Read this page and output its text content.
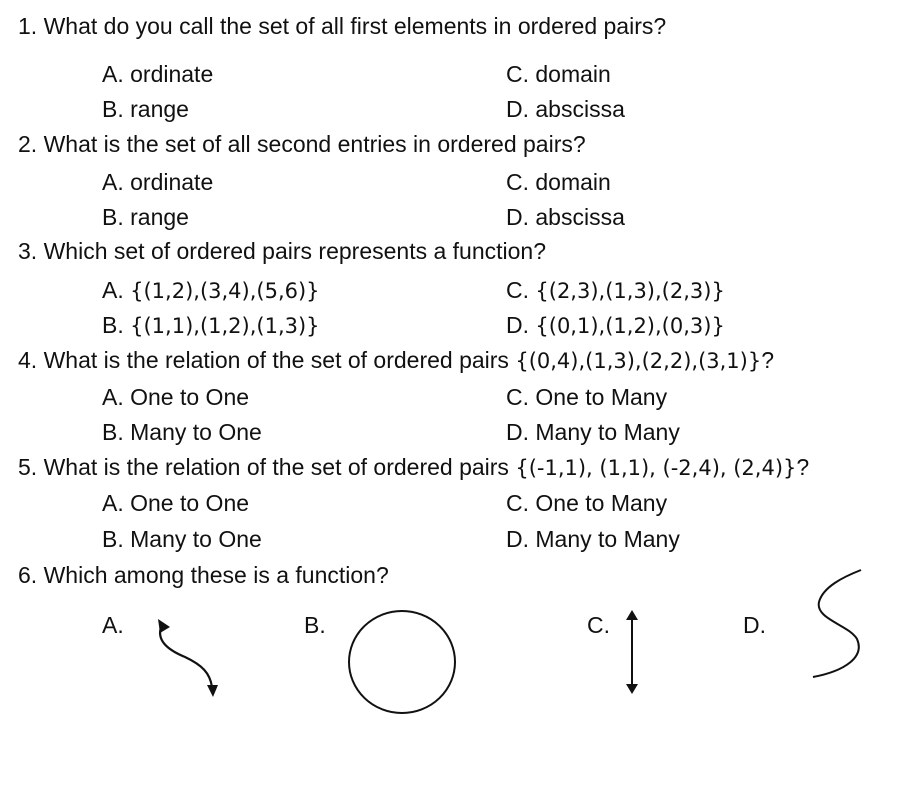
1. What do you call the set of all first elements in ordered pairs?
A. ordinate	C. domain
B. range	D. abscissa
2. What is the set of all second entries in ordered pairs?
A. ordinate	C. domain
B. range	D. abscissa
3. Which set of ordered pairs represents a function?
A. {(1,2),(3,4),(5,6)}	C. {(2,3),(1,3),(2,3)}
B. {(1,1),(1,2),(1,3)}	D. {(0,1),(1,2),(0,3)}
4. What is the relation of the set of ordered pairs {(0,4),(1,3),(2,2),(3,1)}?
A. One to One	C. One to Many
B. Many to One	D. Many to Many
5. What is the relation of the set of ordered pairs {(-1,1), (1,1), (-2,4), (2,4)}?
A. One to One	C. One to Many
B. Many to One	D. Many to Many
6. Which among these is a function?
A.	B.	C.	D.
